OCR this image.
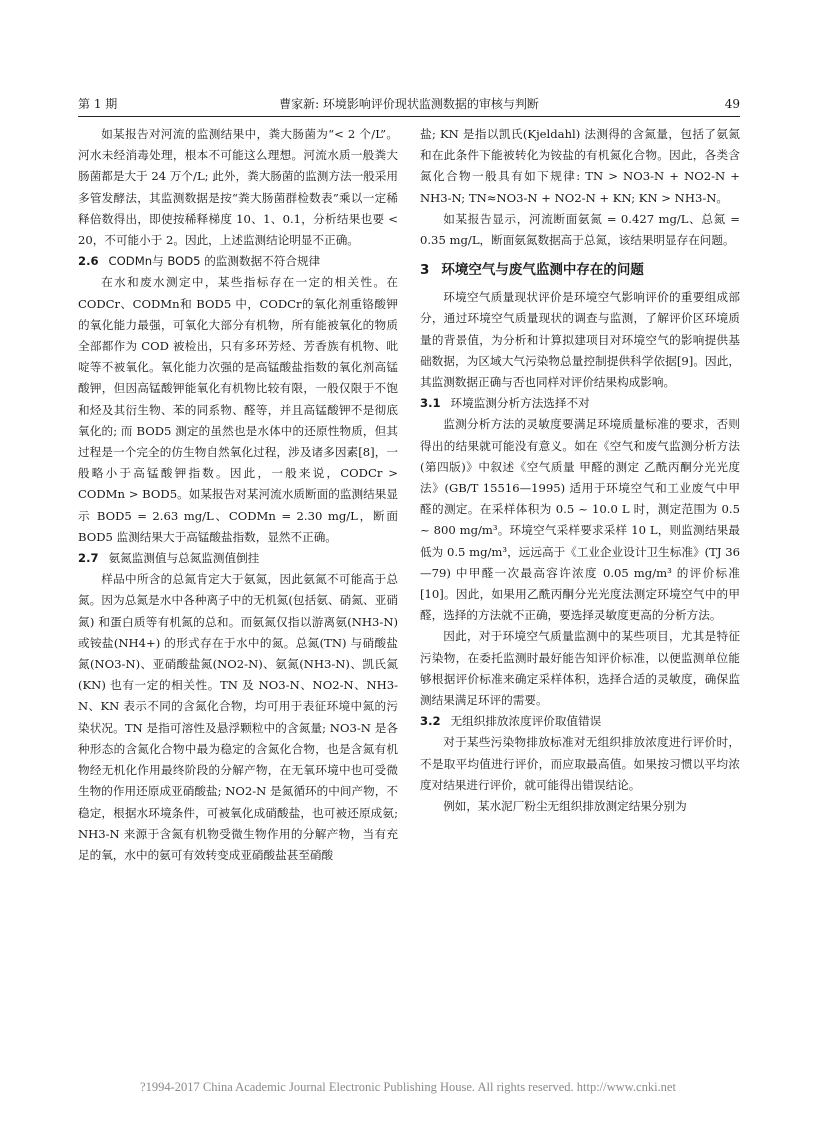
第 1 期	曹家新: 环境影响评价现状监测数据的审核与判断	49

如某报告对河流的监测结果中，粪大肠菌为“< 2 个/L”。河水未经消毒处理，根本不可能这么理想。河流水质一般粪大肠菌都是大于 24 万个/L; 此外，粪大肠菌的监测方法一般采用多管发酵法，其监测数据是按“粪大肠菌群检数表”乘以一定稀释倍数得出，即使按稀释梯度 10、1、0.1，分析结果也要 < 20，不可能小于 2。因此，上述监测结论明显不正确。

2.6 CODMn与 BOD5 的监测数据不符合规律

在水和废水测定中，某些指标存在一定的相关性。在 CODCr、CODMn和 BOD5 中，CODCr的氧化剂重铬酸钾的氧化能力最强，可氧化大部分有机物，所有能被氧化的物质全部都作为 COD 被检出，只有多环芳烃、芳香族有机物、吡啶等不被氧化。氧化能力次强的是高锰酸盐指数的氧化剂高锰酸钾，但因高锰酸钾能氧化有机物比较有限，一般仅限于不饱和烃及其衍生物、苯的同系物、醛等，并且高锰酸钾不是彻底氧化的; 而 BOD5 测定的虽然也是水体中的还原性物质，但其过程是一个完全的仿生物自然氧化过程，涉及诸多因素[8]，一般略小于高锰酸钾指数。因此，一般来说，CODCr > CODMn > BOD5。如某报告对某河流水质断面的监测结果显示 BOD5 = 2.63 mg/L、CODMn = 2.30 mg/L，断面 BOD5 监测结果大于高锰酸盐指数，显然不正确。

2.7 氨氮监测值与总氮监测值倒挂

样品中所含的总氮肯定大于氨氮，因此氨氮不可能高于总氮。因为总氮是水中各种离子中的无机氮(包括氨、硝氮、亚硝氮) 和蛋白质等有机氮的总和。而氨氮仅指以游离氨(NH3-N) 或铵盐(NH4+) 的形式存在于水中的氮。总氮(TN) 与硝酸盐氮(NO3-N)、亚硝酸盐氮(NO2-N)、氨氮(NH3-N)、凯氏氮(KN) 也有一定的相关性。TN 及 NO3-N、NO2-N、NH3-N、KN 表示不同的含氮化合物，均可用于表征环境中氮的污染状况。TN 是指可溶性及悬浮颗粒中的含氮量; NO3-N 是各种形态的含氮化合物中最为稳定的含氮化合物，也是含氮有机物经无机化作用最终阶段的分解产物，在无氧环境中也可受微生物的作用还原成亚硝酸盐; NO2-N 是氮循环的中间产物，不稳定，根据水环境条件，可被氧化成硝酸盐，也可被还原成氨; NH3-N 来源于含氮有机物受微生物作用的分解产物，当有充足的氧，水中的氨可有效转变成亚硝酸盐甚至硝酸

盐; KN 是指以凯氏(Kjeldahl) 法测得的含氮量，包括了氨氮和在此条件下能被转化为铵盐的有机氮化合物。因此，各类含氮化合物一般具有如下规律: TN > NO3-N + NO2-N + NH3-N; TN≈NO3-N + NO2-N + KN; KN > NH3-N。

如某报告显示，河流断面氨氮 = 0.427 mg/L、总氮 = 0.35 mg/L，断面氨氮数据高于总氮，该结果明显存在问题。

3 环境空气与废气监测中存在的问题

环境空气质量现状评价是环境空气影响评价的重要组成部分，通过环境空气质量现状的调查与监测，了解评价区环境质量的背景值，为分析和计算拟建项目对环境空气的影响提供基础数据，为区域大气污染物总量控制提供科学依据[9]。因此，其监测数据正确与否也同样对评价结果构成影响。

3.1 环境监测分析方法选择不对

监测分析方法的灵敏度要满足环境质量标准的要求，否则得出的结果就可能没有意义。如在《空气和废气监测分析方法(第四版)》中叙述《空气质量 甲醛的测定 乙酰丙酮分光光度法》(GB/T 15516—1995) 适用于环境空气和工业废气中甲醛的测定。在采样体积为 0.5 ~ 10.0 L 时，测定范围为 0.5 ~ 800 mg/m³。环境空气采样要求采样 10 L，则监测结果最低为 0.5 mg/m³，远远高于《工业企业设计卫生标准》(TJ 36—79) 中甲醛一次最高容许浓度 0.05 mg/m³ 的评价标准[10]。因此，如果用乙酰丙酮分光光度法测定环境空气中的甲醛，选择的方法就不正确，要选择灵敏度更高的分析方法。

因此，对于环境空气质量监测中的某些项目，尤其是特征污染物，在委托监测时最好能告知评价标准，以便监测单位能够根据评价标准来确定采样体积，选择合适的灵敏度，确保监测结果满足环评的需要。

3.2 无组织排放浓度评价取值错误

对于某些污染物排放标准对无组织排放浓度进行评价时，不是取平均值进行评价，而应取最高值。如果按习惯以平均浓度对结果进行评价，就可能得出错误结论。

例如，某水泥厂粉尘无组织排放测定结果分别为

?1994-2017 China Academic Journal Electronic Publishing House. All rights reserved. http://www.cnki.net
